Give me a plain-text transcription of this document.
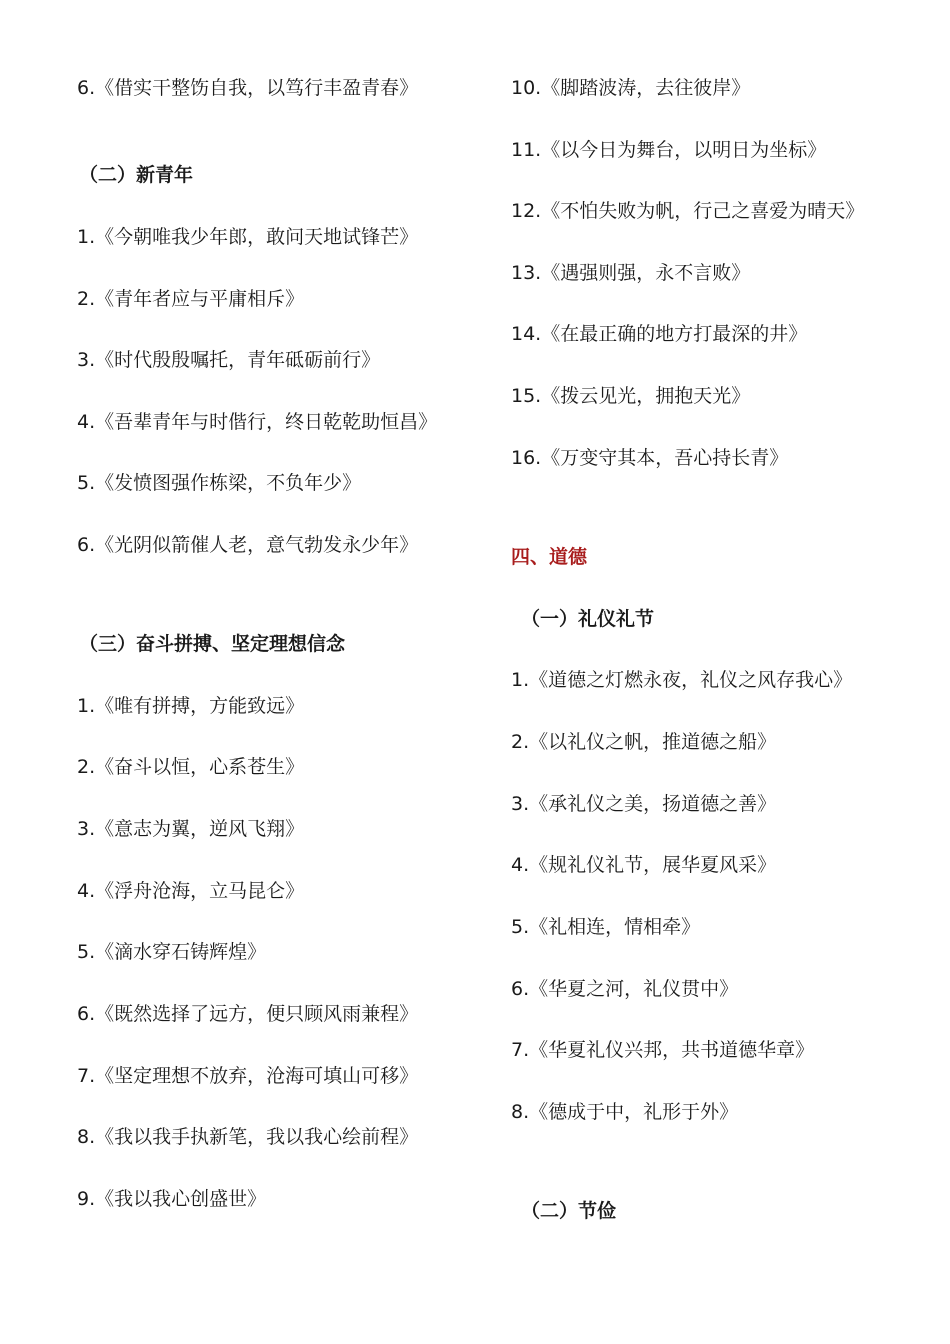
6.《借实干整饬自我，以笃行丰盈青春》
（二）新青年
1.《今朝唯我少年郎，敢问天地试锋芒》
2.《青年者应与平庸相斥》
3.《时代殷殷嘱托，青年砥砺前行》
4.《吾辈青年与时偕行，终日乾乾助恒昌》
5.《发愤图强作栋梁，不负年少》
6.《光阴似箭催人老，意气勃发永少年》
（三）奋斗拼搏、坚定理想信念
1.《唯有拼搏，方能致远》
2.《奋斗以恒，心系苍生》
3.《意志为翼，逆风飞翔》
4.《浮舟沧海，立马昆仑》
5.《滴水穿石铸辉煌》
6.《既然选择了远方，便只顾风雨兼程》
7.《坚定理想不放弃，沧海可填山可移》
8.《我以我手执新笔，我以我心绘前程》
9.《我以我心创盛世》
10.《脚踏波涛，去往彼岸》
11.《以今日为舞台，以明日为坐标》
12.《不怕失败为帆，行己之喜爱为晴天》
13.《遇强则强，永不言败》
14.《在最正确的地方打最深的井》
15.《拨云见光，拥抱天光》
16.《万变守其本，吾心持长青》
四、道德
（一）礼仪礼节
1.《道德之灯燃永夜，礼仪之风存我心》
2.《以礼仪之帆，推道德之船》
3.《承礼仪之美，扬道德之善》
4.《规礼仪礼节，展华夏风采》
5.《礼相连，情相牵》
6.《华夏之河，礼仪贯中》
7.《华夏礼仪兴邦，共书道德华章》
8.《德成于中，礼形于外》
（二）节俭
